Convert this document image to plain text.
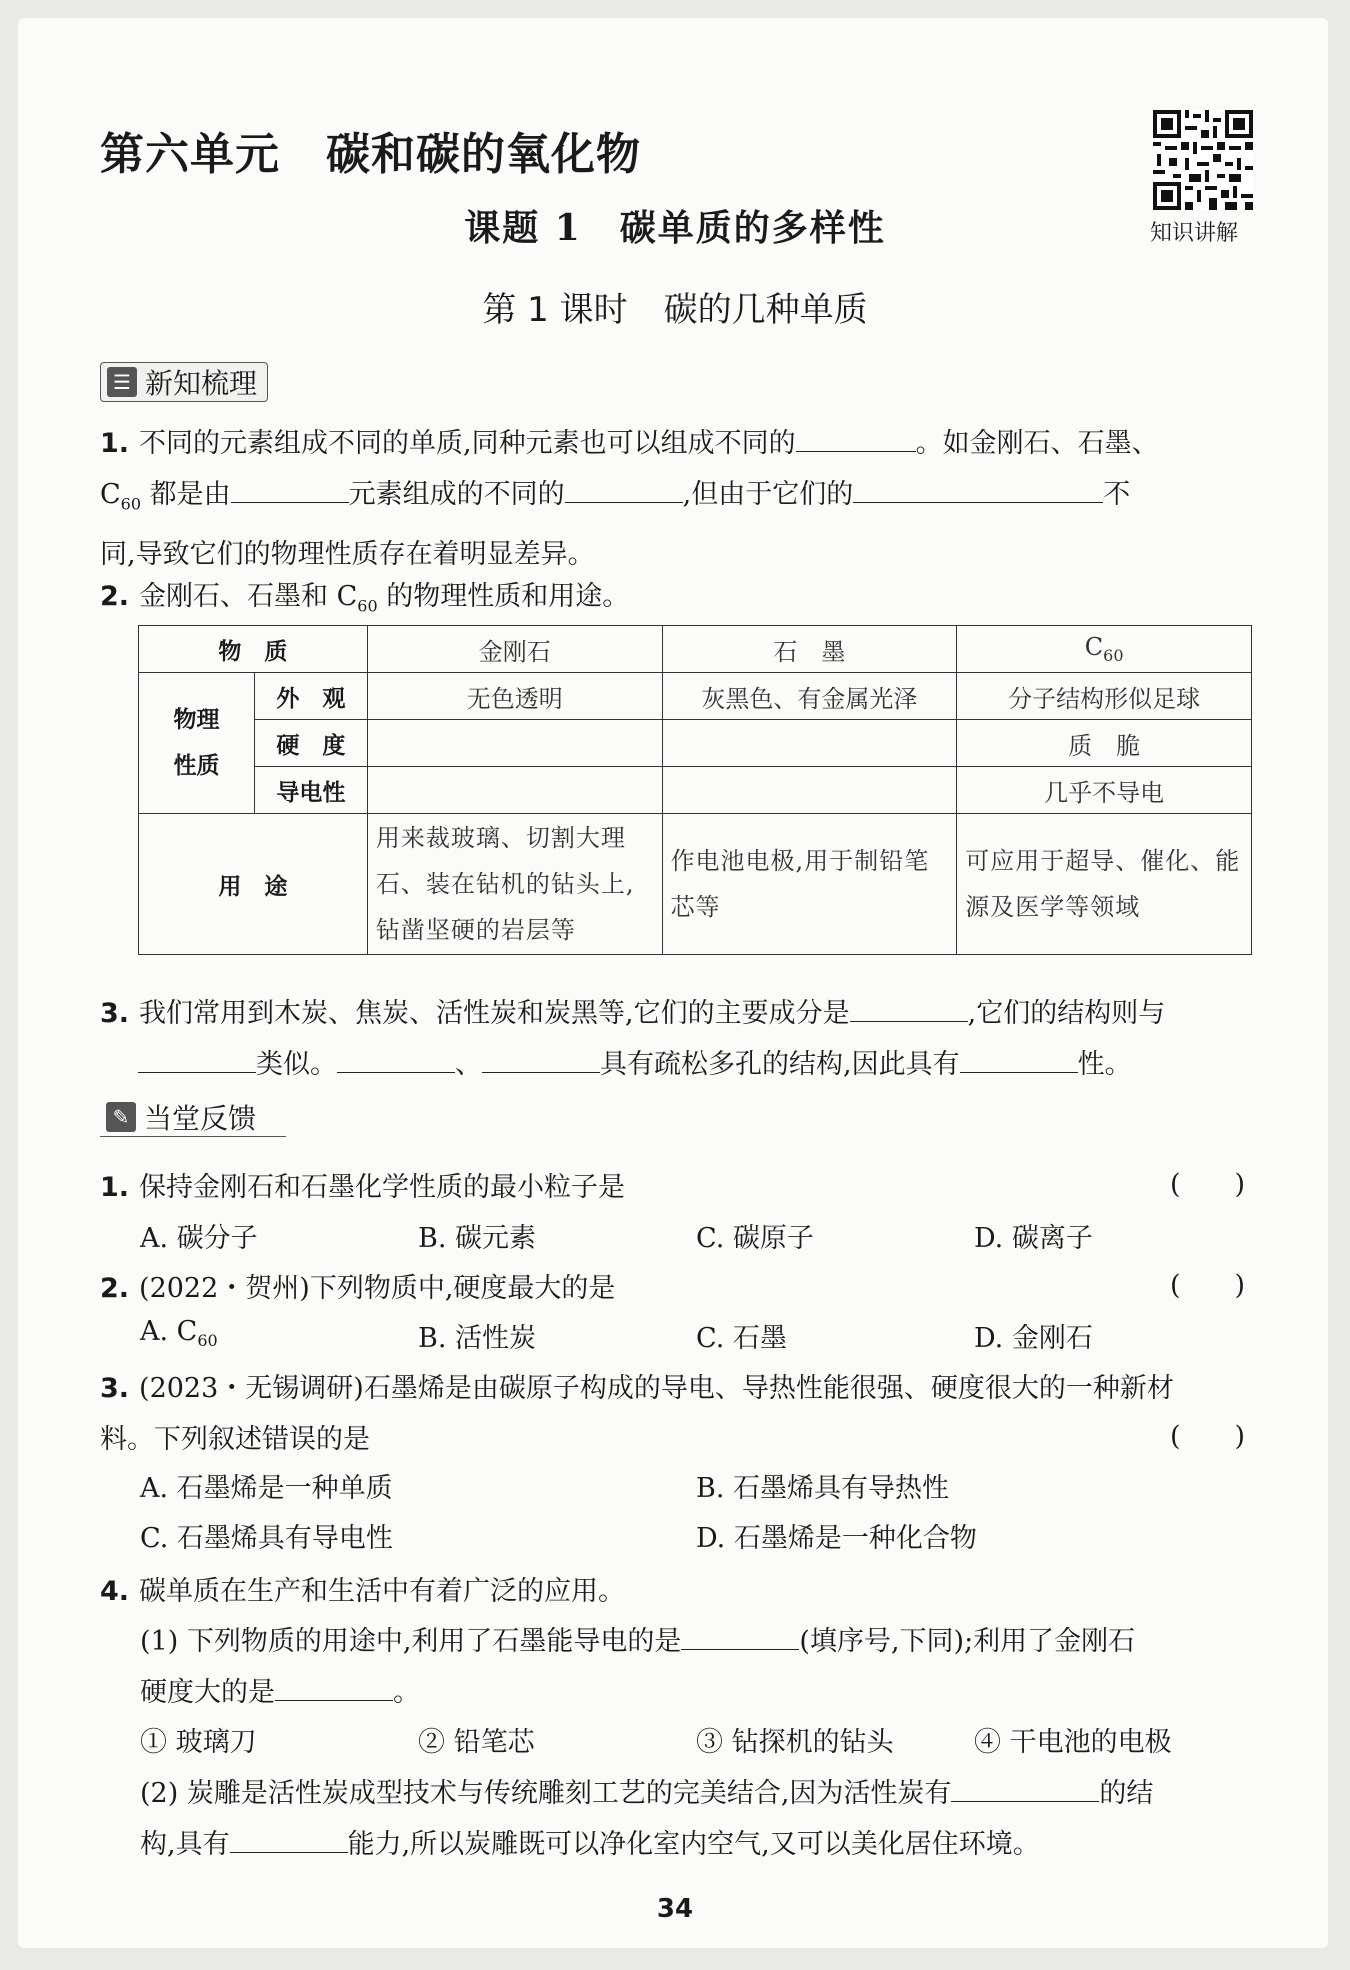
第六单元 碳和碳的氧化物
知识讲解
课题 1 碳单质的多样性
第 1 课时 碳的几种单质
☰ 新知梳理
1. 不同的元素组成不同的单质,同种元素也可以组成不同的	。如金刚石、石墨、
$C_{60}$ 都是由	元素组成的不同的	,但由于它们的	不
同,导致它们的物理性质存在着明显差异。
2. 金刚石、石墨和 $C_{60}$ 的物理性质和用途。
物　质		金刚石	石　墨	$C_{60}$
物理
性质	外　观	无色透明	灰黑色、有金属光泽	分子结构形似足球
	硬　度			质　脆
	导电性			几乎不导电
用　途		用来裁玻璃、切割大理石、装在钻机的钻头上,钻凿坚硬的岩层等	作电池电极,用于制铅笔芯等	可应用于超导、催化、能源及医学等领域
3. 我们常用到木炭、焦炭、活性炭和炭黑等,它们的主要成分是	,它们的结构则与
类似。	、	具有疏松多孔的结构,因此具有	性。
✎ 当堂反馈
1. 保持金刚石和石墨化学性质的最小粒子是	(　　)
A. 碳分子	B. 碳元素	C. 碳原子	D. 碳离子
2. (2022・贺州)下列物质中,硬度最大的是	(　　)
A. C60	B. 活性炭	C. 石墨	D. 金刚石
3. (2023・无锡调研)石墨烯是由碳原子构成的导电、导热性能很强、硬度很大的一种新材
料。下列叙述错误的是	(　　)
A. 石墨烯是一种单质	B. 石墨烯具有导热性
C. 石墨烯具有导电性	D. 石墨烯是一种化合物
4. 碳单质在生产和生活中有着广泛的应用。
(1) 下列物质的用途中,利用了石墨能导电的是	(填序号,下同);利用了金刚石
硬度大的是	。
① 玻璃刀	② 铅笔芯	③ 钻探机的钻头	④ 干电池的电极
(2) 炭雕是活性炭成型技术与传统雕刻工艺的完美结合,因为活性炭有	的结
构,具有	能力,所以炭雕既可以净化室内空气,又可以美化居住环境。
34
